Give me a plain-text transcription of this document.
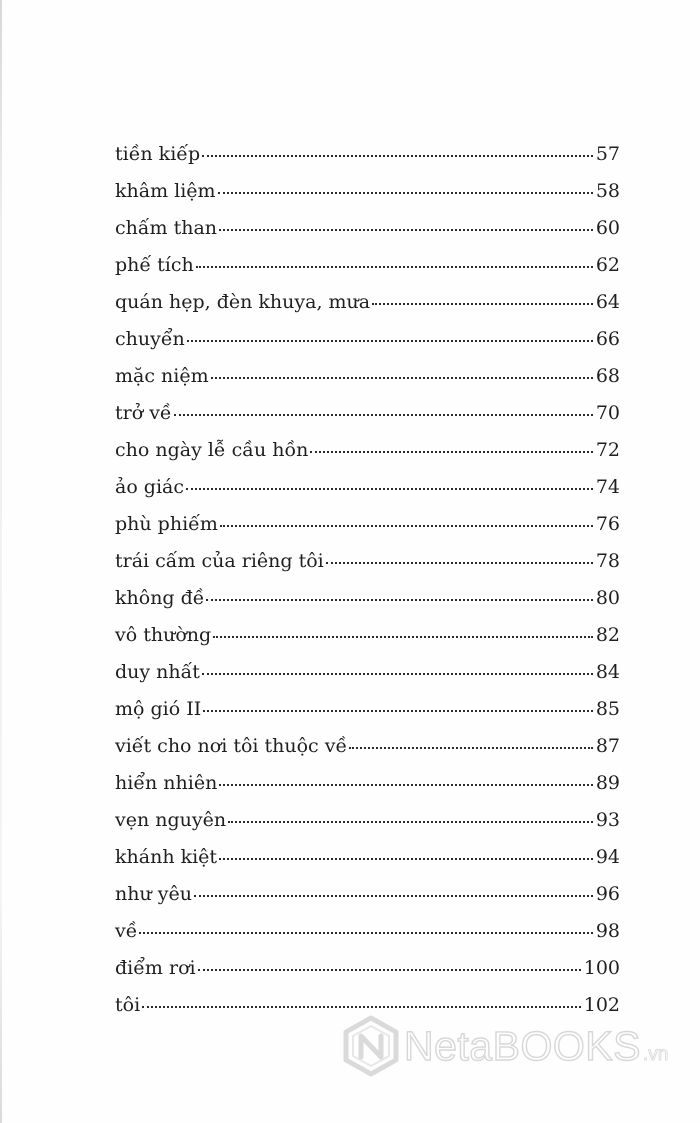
tiền kiếp	57
khâm liệm	58
chấm than	60
phế tích	62
quán hẹp, đèn khuya, mưa	64
chuyển	66
mặc niệm	68
trở về	70
cho ngày lễ cầu hồn	72
ảo giác	74
phù phiếm	76
trái cấm của riêng tôi	78
không đề	80
vô thường	82
duy nhất	84
mộ gió II	85
viết cho nơi tôi thuộc về	87
hiển nhiên	89
vẹn nguyên	93
khánh kiệt	94
như yêu	96
về	98
điểm rơi	100
tôi	102
NetaBOOKS .vn
